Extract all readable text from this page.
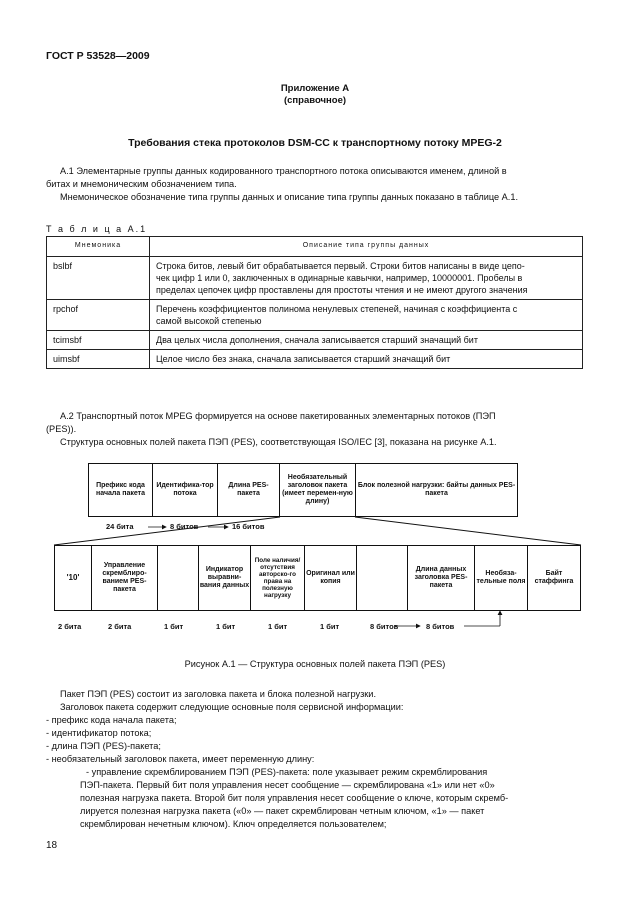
ГОСТ Р 53528—2009
Приложение А
(справочное)
Требования стека протоколов DSM-CC к транспортному потоку MPEG-2
А.1 Элементарные группы данных кодированного транспортного потока описываются именем, длиной в
битах и мнемоническим обозначением типа.
Мнемоническое обозначение типа группы данных и описание типа группы данных показано в таблице А.1.
Т а б л и ц а А.1
Мнемоника	Описание типа группы данных
bslbf	Строка битов, левый бит обрабатывается первый. Строки битов написаны в виде цепо-
чек цифр 1 или 0, заключенных в одинарные кавычки, например, 10000001. Пробелы в
пределах цепочек цифр проставлены для простоты чтения и не имеют другого значения

rpchof	Перечень коэффициентов полинома ненулевых степеней, начиная с коэффициента с
самой высокой степенью

tcimsbf	Два целых числа дополнения, сначала записывается старший значащий бит

uimsbf	Целое число без знака, сначала записывается старший значащий бит
А.2 Транспортный поток MPEG формируется на основе пакетированных элементарных потоков (ПЭП
(PES)).
Структура основных полей пакета ПЭП (PES), соответствующая ISO/IEC [3], показана на рисунке А.1.
Префикс кода начала пакета
Идентифика-тор потока
Длина PES-пакета
Необязательный заголовок пакета (имеет перемен-ную длину)
Блок полезной нагрузки: байты данных PES-пакета
24 бита	8 битов	16 битов
'10'
Управление скремблиро-ванием PES-пакета
Индикатор выравни-вания данных
Поле наличия/ отсутствия авторско-го права на полезную нагрузку
Оригинал или копия
Длина данных заголовка PES-пакета
Необяза-тельные поля
Байт стаффинга
2 бита	2 бита	1 бит	1 бит	1 бит	1 бит	8 битов	8 битов
Рисунок А.1 — Структура основных полей пакета ПЭП (PES)
Пакет ПЭП (PES) состоит из заголовка пакета и блока полезной нагрузки.
Заголовок пакета содержит следующие основные поля сервисной информации:
- префикс кода начала пакета;
- идентификатор потока;
- длина ПЭП (PES)-пакета;
- необязательный заголовок пакета, имеет переменную длину:
- управление скремблированием ПЭП (PES)-пакета: поле указывает режим скремблирования
ПЭП-пакета. Первый бит поля управления несет сообщение — скремблирована «1» или нет «0»
полезная нагрузка пакета. Второй бит поля управления несет сообщение о ключе, которым скремб-
лируется полезная нагрузка пакета («0» — пакет скремблирован четным ключом, «1» — пакет
скремблирован нечетным ключом). Ключ определяется пользователем;
18
